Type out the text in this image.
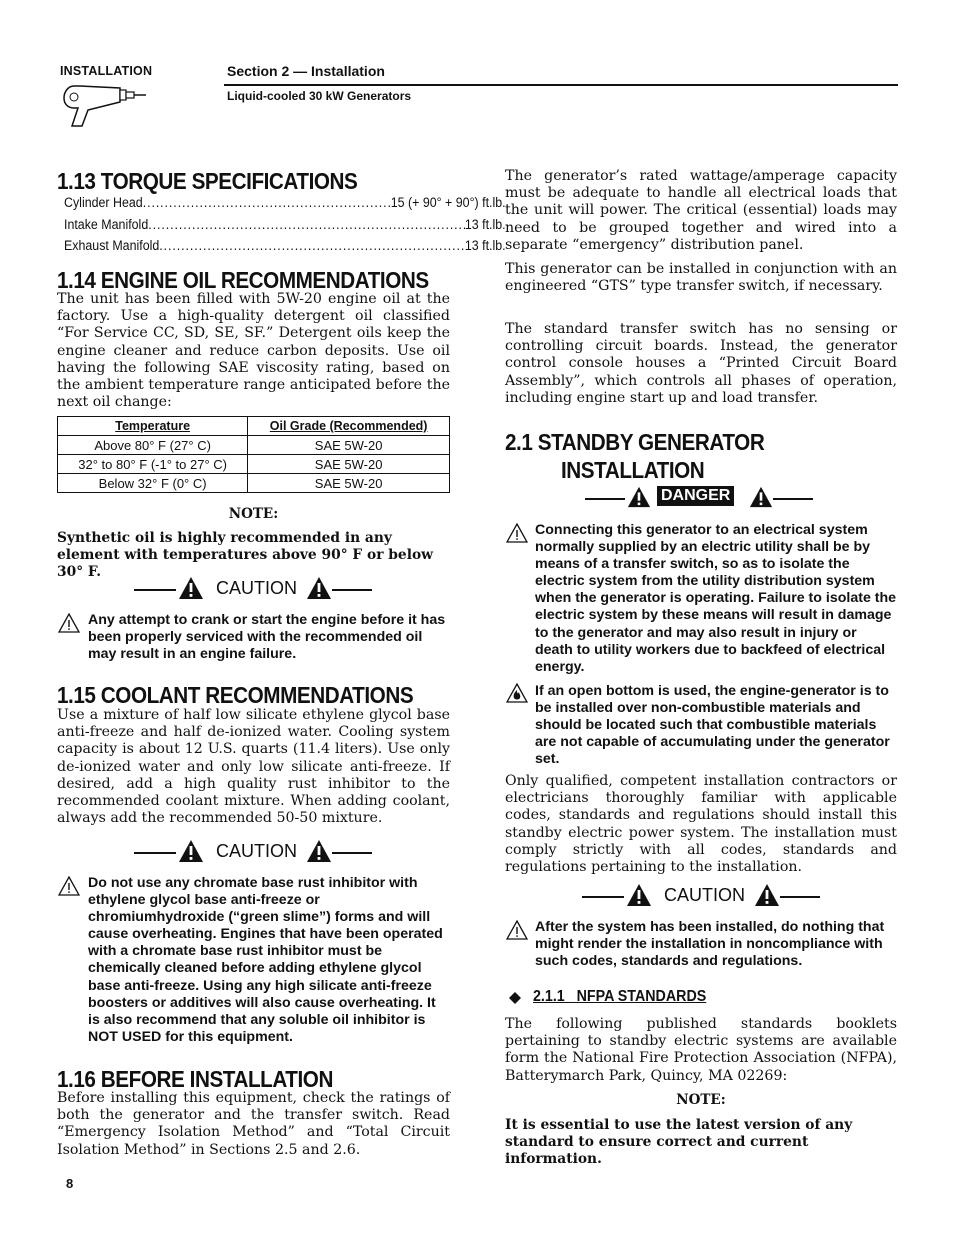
INSTALLATION	Section 2 — Installation
Liquid-cooled 30 kW Generators
1.13 TORQUE SPECIFICATIONS
Cylinder Head .....	15 (+ 90° + 90°) ft.lb.
Intake Manifold .....	13 ft.lb.
Exhaust Manifold .....	13 ft.lb.
1.14 ENGINE OIL RECOMMENDATIONS
The unit has been filled with 5W-20 engine oil at the factory. Use a high-quality detergent oil classified “For Service CC, SD, SE, SF.” Detergent oils keep the engine cleaner and reduce carbon deposits. Use oil having the following SAE viscosity rating, based on the ambient temperature range anticipated before the next oil change:
Temperature	Oil Grade (Recommended)
Above 80° F (27° C)	SAE 5W-20
32° to 80° F (-1° to 27° C)	SAE 5W-20
Below 32° F (0° C)	SAE 5W-20
NOTE:
Synthetic oil is highly recommended in any element with temperatures above 90° F or below 30° F.
CAUTION
Any attempt to crank or start the engine before it has been properly serviced with the recommended oil may result in an engine failure.
1.15 COOLANT RECOMMENDATIONS
Use a mixture of half low silicate ethylene glycol base anti-freeze and half de-ionized water. Cooling system capacity is about 12 U.S. quarts (11.4 liters). Use only de-ionized water and only low silicate anti-freeze. If desired, add a high quality rust inhibitor to the recommended coolant mixture. When adding coolant, always add the recommended 50-50 mixture.
CAUTION
Do not use any chromate base rust inhibitor with ethylene glycol base anti-freeze or chromiumhydroxide (“green slime”) forms and will cause overheating. Engines that have been operated with a chromate base rust inhibitor must be chemically cleaned before adding ethylene glycol base anti-freeze. Using any high silicate anti-freeze boosters or additives will also cause overheating. It is also recommend that any soluble oil inhibitor is NOT USED for this equipment.
1.16 BEFORE INSTALLATION
Before installing this equipment, check the ratings of both the generator and the transfer switch. Read “Emergency Isolation Method” and “Total Circuit Isolation Method” in Sections 2.5 and 2.6.
The generator’s rated wattage/amperage capacity must be adequate to handle all electrical loads that the unit will power. The critical (essential) loads may need to be grouped together and wired into a separate “emergency” distribution panel.
This generator can be installed in conjunction with an engineered “GTS” type transfer switch, if necessary.
The standard transfer switch has no sensing or controlling circuit boards. Instead, the generator control console houses a “Printed Circuit Board Assembly”, which controls all phases of operation, including engine start up and load transfer.
2.1 STANDBY GENERATOR
INSTALLATION
DANGER
Connecting this generator to an electrical system normally supplied by an electric utility shall be by means of a transfer switch, so as to isolate the electric system from the utility distribution system when the generator is operating. Failure to isolate the electric system by these means will result in damage to the generator and may also result in injury or death to utility workers due to backfeed of electrical energy.
If an open bottom is used, the engine-generator is to be installed over non-combustible materials and should be located such that combustible materials are not capable of accumulating under the generator set.
Only qualified, competent installation contractors or electricians thoroughly familiar with applicable codes, standards and regulations should install this standby electric power system. The installation must comply strictly with all codes, standards and regulations pertaining to the installation.
CAUTION
After the system has been installed, do nothing that might render the installation in noncompliance with such codes, standards and regulations.
2.1.1   NFPA STANDARDS
The following published standards booklets pertaining to standby electric systems are available form the National Fire Protection Association (NFPA), Batterymarch Park, Quincy, MA 02269:
NOTE:
It is essential to use the latest version of any standard to ensure correct and current information.
8
